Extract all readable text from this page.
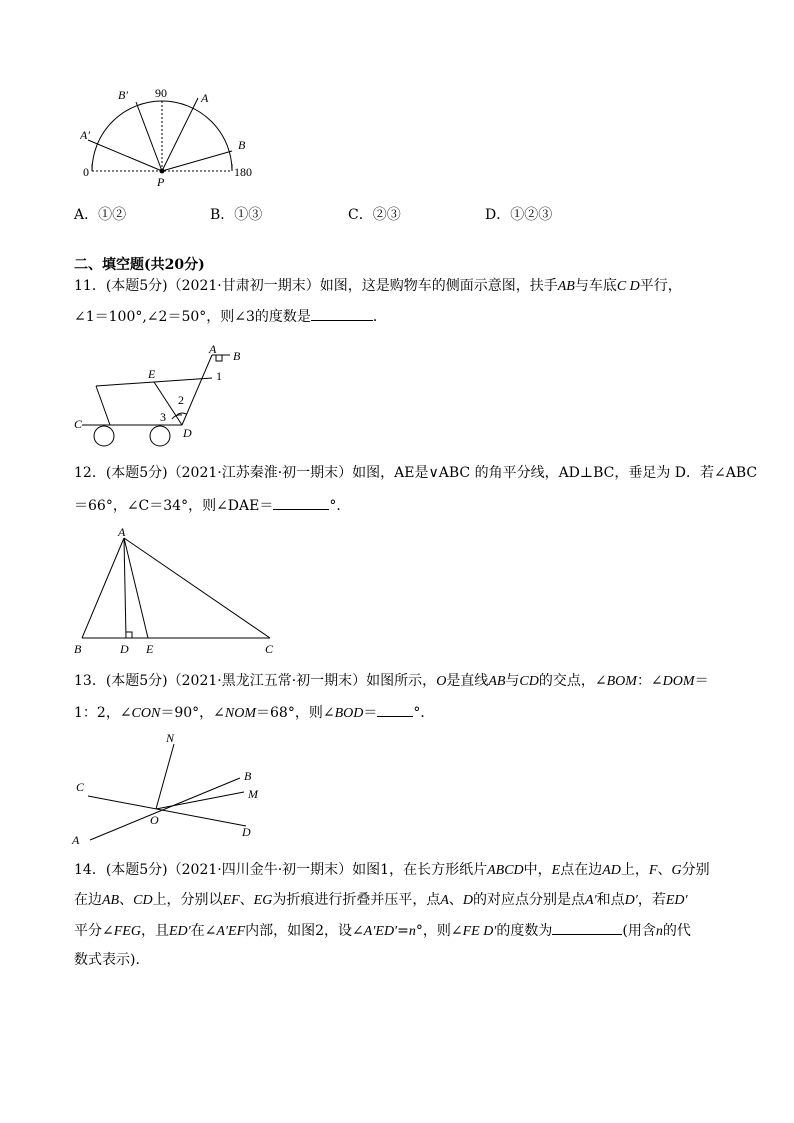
90
B′	A
A′
B
0	180
P
A．①②	B．①③	C．②③	D．①②③
二、填空题(共20分)
11．(本题5分)（2021·甘肃初一期末）如图，这是购物车的侧面示意图，扶手AB与车底C D平行，
∠1＝100°,∠2＝50°，则∠3的度数是	．
A B
1
E
2
3
C
D
12．(本题5分)（2021·江苏秦淮·初一期末）如图，AE是∨ABC 的角平分线，AD⊥BC，垂足为 D．若∠ABC
＝66°，∠C＝34°，则∠DAE＝	°．
A
B	D E	C
13．(本题5分)（2021·黑龙江五常·初一期末）如图所示，O是直线AB与CD的交点，∠BOM：∠DOM＝
1：2，∠CON＝90°，∠NOM＝68°，则∠BOD＝	°．
N
C
B
M
O
A
D
14．(本题5分)（2021·四川金牛·初一期末）如图1，在长方形纸片ABCD中，E点在边AD上，F、G分别
在边AB、CD上，分别以EF、EG为折痕进行折叠并压平，点A、D的对应点分别是点A′和点D′，若ED′
平分∠FEG，且ED′在∠A′EF内部，如图2，设∠A′ED′=n°，则∠FE D′的度数为	(用含n的代
数式表示).
